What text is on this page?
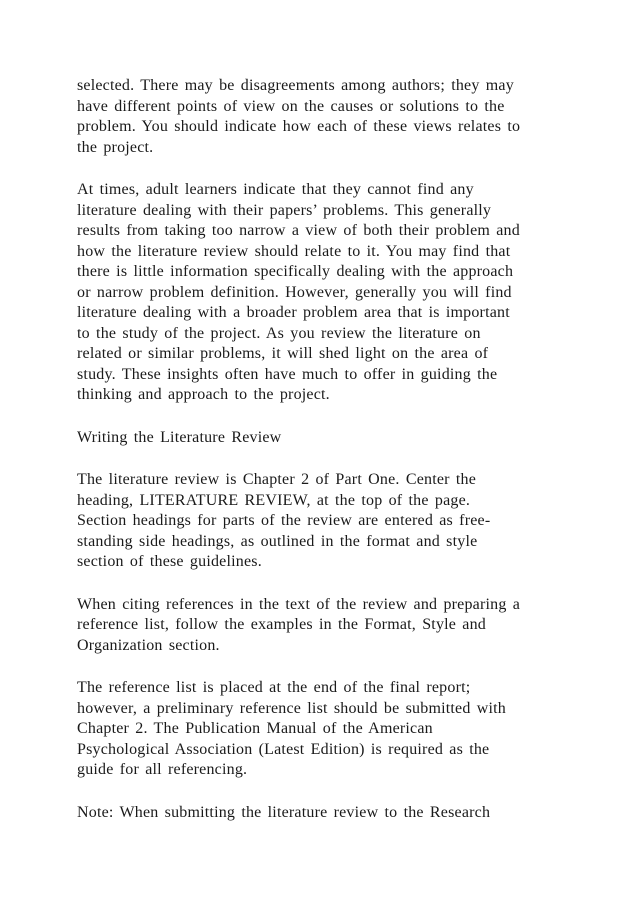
selected. There may be disagreements among authors; they may
have different points of view on the causes or solutions to the
problem. You should indicate how each of these views relates to
the project.
At times, adult learners indicate that they cannot find any
literature dealing with their papers’ problems. This generally
results from taking too narrow a view of both their problem and
how the literature review should relate to it. You may find that
there is little information specifically dealing with the approach
or narrow problem definition. However, generally you will find
literature dealing with a broader problem area that is important
to the study of the project. As you review the literature on
related or similar problems, it will shed light on the area of
study. These insights often have much to offer in guiding the
thinking and approach to the project.
Writing the Literature Review
The literature review is Chapter 2 of Part One. Center the
heading, LITERATURE REVIEW, at the top of the page.
Section headings for parts of the review are entered as free-
standing side headings, as outlined in the format and style
section of these guidelines.
When citing references in the text of the review and preparing a
reference list, follow the examples in the Format, Style and
Organization section.
The reference list is placed at the end of the final report;
however, a preliminary reference list should be submitted with
Chapter 2. The Publication Manual of the American
Psychological Association (Latest Edition) is required as the
guide for all referencing.
Note: When submitting the literature review to the Research
